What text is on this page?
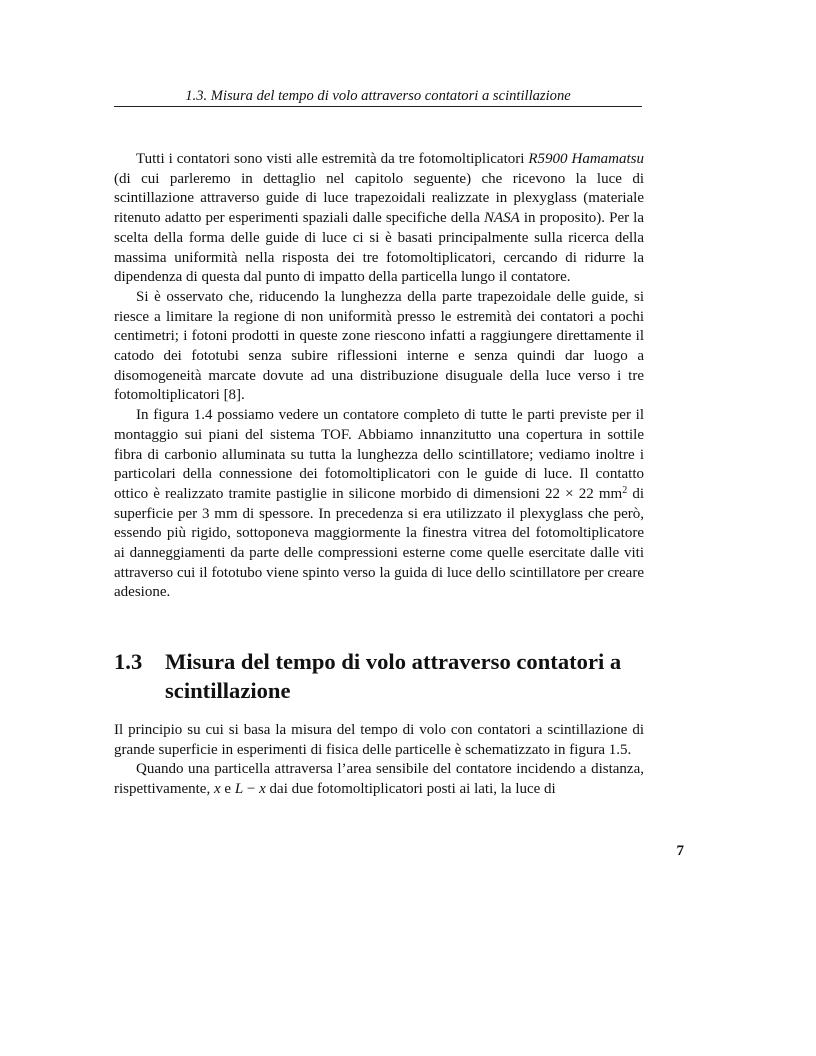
1.3. Misura del tempo di volo attraverso contatori a scintillazione

Tutti i contatori sono visti alle estremità da tre fotomoltiplicatori R5900 Hamamatsu (di cui parleremo in dettaglio nel capitolo seguente) che ricevono la luce di scintillazione attraverso guide di luce trapezoidali realizzate in plexyglass (materiale ritenuto adatto per esperimenti spaziali dalle specifiche della NASA in proposito). Per la scelta della forma delle guide di luce ci si è basati principalmente sulla ricerca della massima uniformità nella risposta dei tre fotomoltiplicatori, cercando di ridurre la dipendenza di questa dal punto di impatto della particella lungo il contatore.

Si è osservato che, riducendo la lunghezza della parte trapezoidale delle guide, si riesce a limitare la regione di non uniformità presso le estremità dei contatori a pochi centimetri; i fotoni prodotti in queste zone riescono infatti a raggiungere direttamente il catodo dei fototubi senza subire riflessioni interne e senza quindi dar luogo a disomogeneità marcate dovute ad una distribuzione disuguale della luce verso i tre fotomoltiplicatori [8].

In figura 1.4 possiamo vedere un contatore completo di tutte le parti previste per il montaggio sui piani del sistema TOF. Abbiamo innanzitutto una copertura in sottile fibra di carbonio alluminata su tutta la lunghezza dello scintillatore; vediamo inoltre i particolari della connessione dei fotomoltiplicatori con le guide di luce. Il contatto ottico è realizzato tramite pastiglie in silicone morbido di dimensioni 22 × 22 $mm^2$ di superficie per 3 mm di spessore. In precedenza si era utilizzato il plexyglass che però, essendo più rigido, sottoponeva maggiormente la finestra vitrea del fotomoltiplicatore ai danneggiamenti da parte delle compressioni esterne come quelle esercitate dalle viti attraverso cui il fototubo viene spinto verso la guida di luce dello scintillatore per creare adesione.

1.3 Misura del tempo di volo attraverso contatori a scintillazione

Il principio su cui si basa la misura del tempo di volo con contatori a scintillazione di grande superficie in esperimenti di fisica delle particelle è schematizzato in figura 1.5.

Quando una particella attraversa l’area sensibile del contatore incidendo a distanza, rispettivamente, x e L − x dai due fotomoltiplicatori posti ai lati, la luce di

7
